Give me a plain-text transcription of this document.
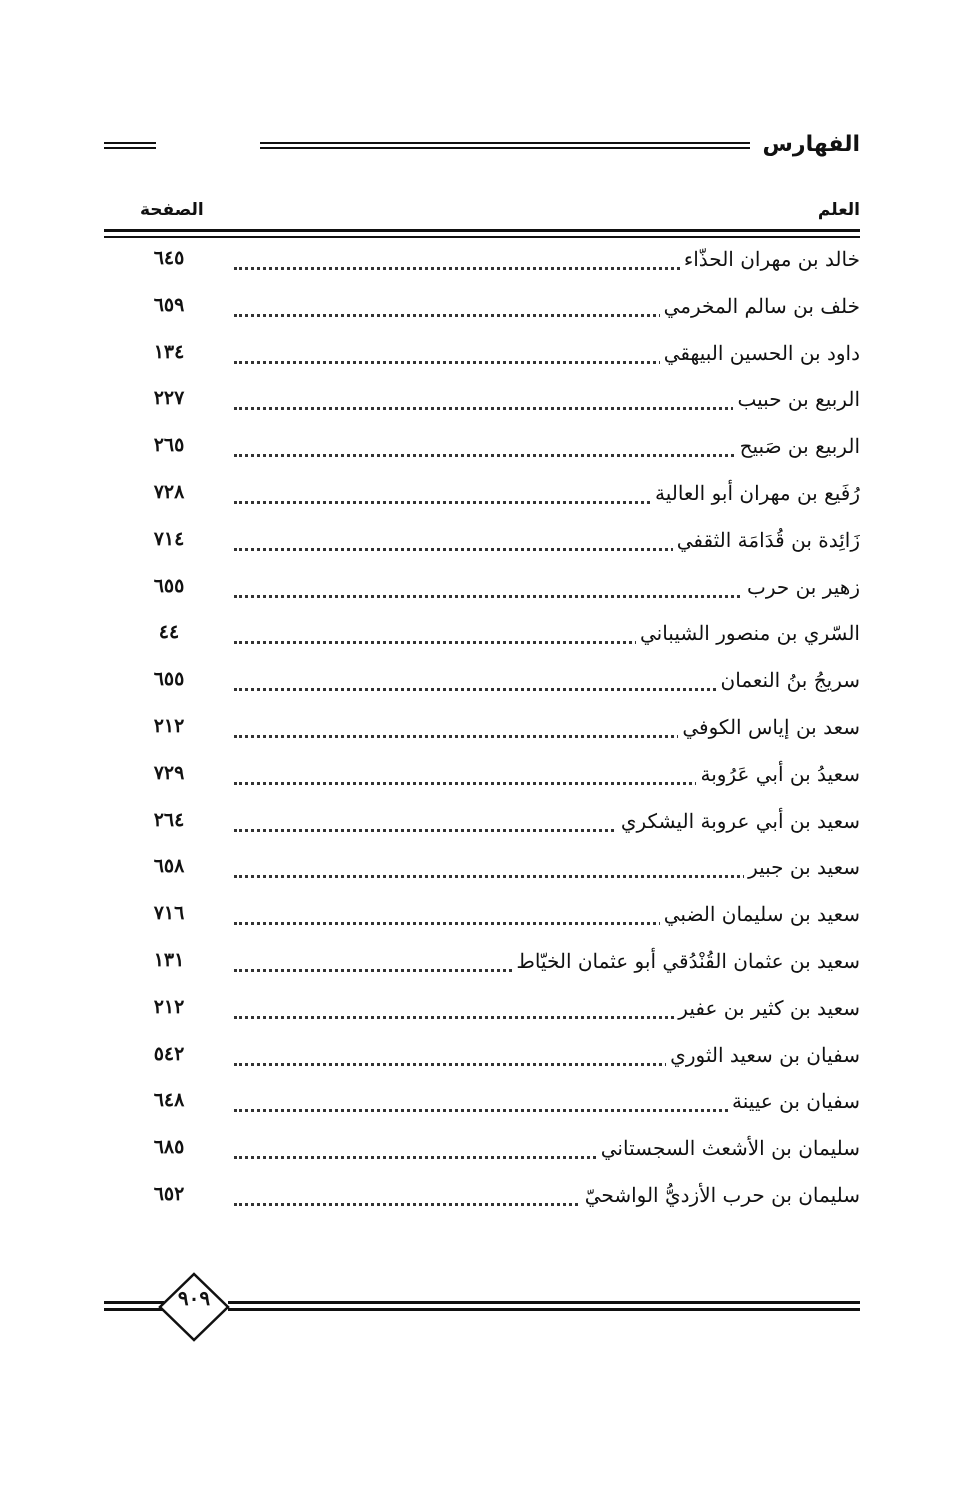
الفهارس
العلم
الصفحة
خالد بن مهران الحذّاء
٦٤٥
خلف بن سالم المخرمي
٦٥٩
داود بن الحسين البيهقي
١٣٤
الربيع بن حبيب
٢٢٧
الربيع بن صَبيح
٢٦٥
رُفَيع بن مهران أبو العالية
٧٢٨
زَائِدة بن قُدَامَة الثقفي
٧١٤
زهير بن حرب
٦٥٥
السّري بن منصور الشيباني
٤٤
سريجُ بنُ النعمان
٦٥٥
سعد بن إياس الكوفي
٢١٢
سعيدُ بن أبي عَرُوبة
٧٢٩
سعيد بن أبي عروبة اليشكري
٢٦٤
سعيد بن جبير
٦٥٨
سعيد بن سليمان الضبي
٧١٦
سعيد بن عثمان القُنْدُقي أبو عثمان الخيّاط
١٣١
سعيد بن كثير بن عفير
٢١٢
سفيان بن سعيد الثوري
٥٤٢
سفيان بن عيينة
٦٤٨
سليمان بن الأشعث السجستاني
٦٨٥
سليمان بن حرب الأزديُّ الواشحيّ
٦٥٢
٩٠٩
